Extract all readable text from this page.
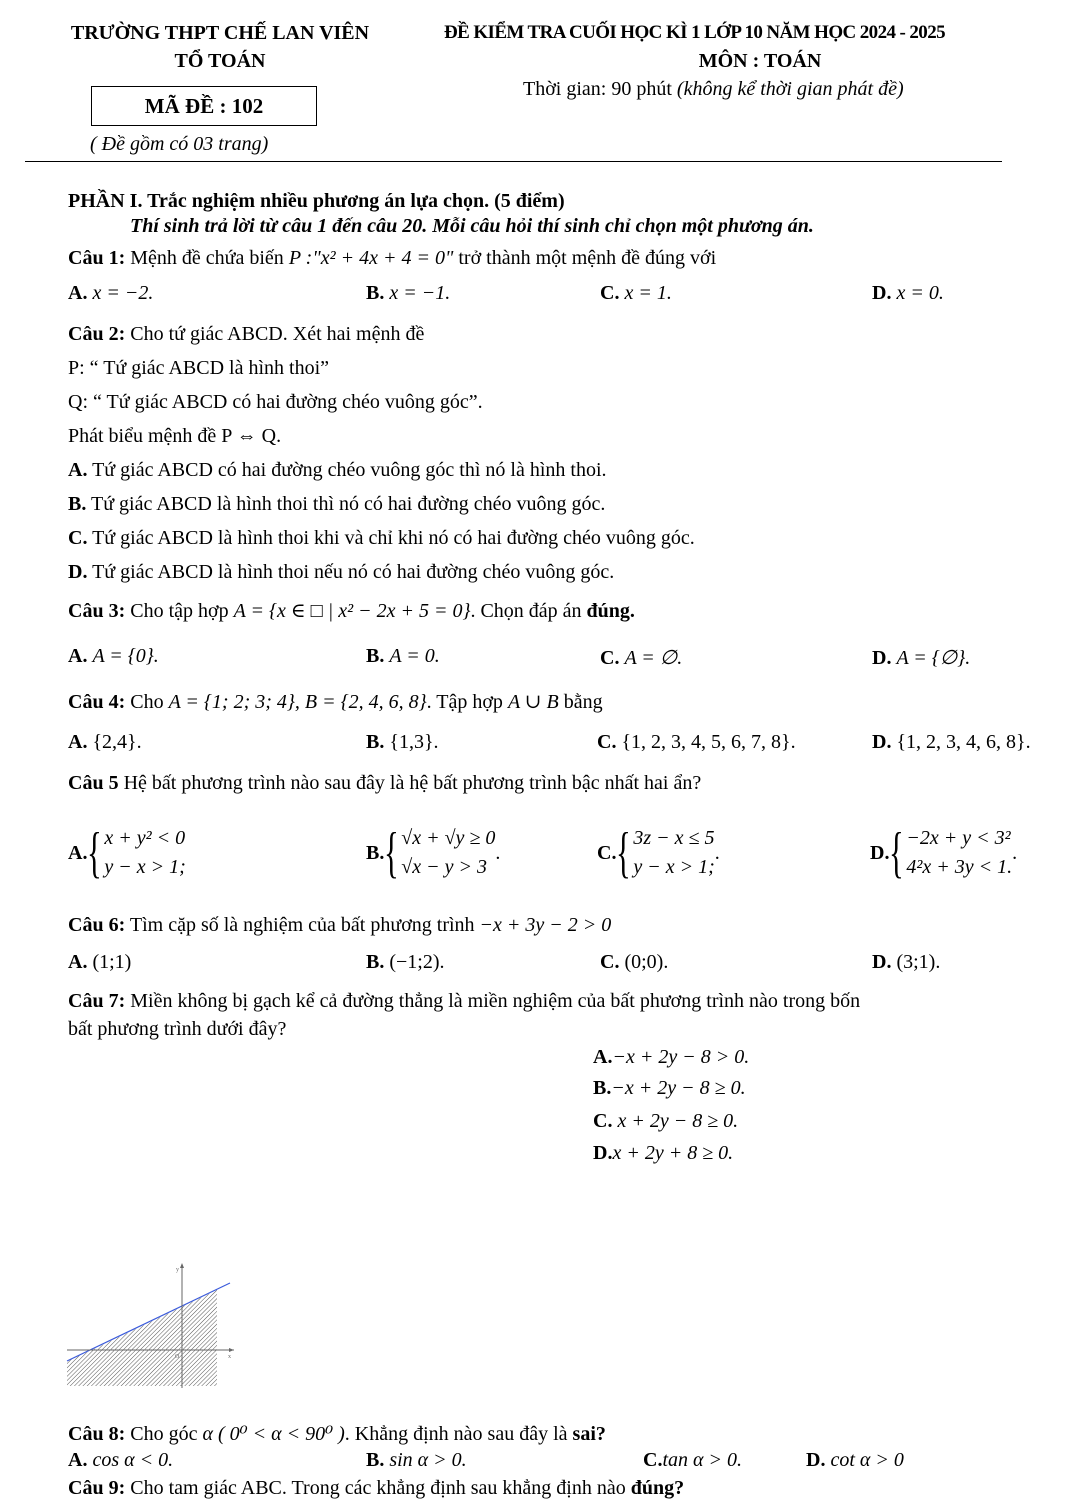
TRƯỜNG THPT CHẾ LAN VIÊN
TỔ TOÁN
ĐỀ KIỂM TRA CUỐI HỌC KÌ 1 LỚP 10 NĂM HỌC 2024 - 2025
MÔN : TOÁN
Thời gian: 90 phút (không kể thời gian phát đề)
MÃ ĐỀ : 102
( Đề gồm có 03 trang)
PHẦN I. Trắc nghiệm nhiều phương án lựa chọn. (5 điểm)
Thí sinh trả lời từ câu 1 đến câu 20. Mỗi câu hỏi thí sinh chỉ chọn một phương án.
Câu 1: Mệnh đề chứa biến P :"x² + 4x + 4 = 0" trở thành một mệnh đề đúng với
A. x = −2.	B. x = −1.	C. x = 1.	D. x = 0.
Câu 2: Cho tứ giác ABCD. Xét hai mệnh đề
P: “ Tứ giác ABCD là hình thoi”
Q: “ Tứ giác ABCD có hai đường chéo vuông góc”.
Phát biểu mệnh đề P ⇔ Q.
A. Tứ giác ABCD có hai đường chéo vuông góc thì nó là hình thoi.
B. Tứ giác ABCD là hình thoi thì nó có hai đường chéo vuông góc.
C. Tứ giác ABCD là hình thoi khi và chỉ khi nó có hai đường chéo vuông góc.
D. Tứ giác ABCD là hình thoi nếu nó có hai đường chéo vuông góc.
Câu 3: Cho tập hợp A = {x ∈ □ | x² − 2x + 5 = 0}. Chọn đáp án đúng.
A. A = {0}.	B. A = 0.	C. A = ∅.	D. A = {∅}.
Câu 4: Cho A = {1; 2; 3; 4}, B = {2, 4, 6, 8}. Tập hợp A ∪ B bằng
A. {2,4}.	B. {1,3}.	C. {1, 2, 3, 4, 5, 6, 7, 8}.	D. {1, 2, 3, 4, 6, 8}.
Câu 5 Hệ bất phương trình nào sau đây là hệ bất phương trình bậc nhất hai ẩn?
A. { x + y² < 0
y − x > 1;
B. { √x + √y ≥ 0
√x − y > 3
.	C. { 3z − x ≤ 5
y − x > 1;
.	D. { −2x + y < 3²
4²x + 3y < 1.
.
Câu 6: Tìm cặp số là nghiệm của bất phương trình −x + 3y − 2 > 0
A. (1;1)	B. (−1;2).	C. (0;0).	D. (3;1).
Câu 7: Miền không bị gạch kể cả đường thẳng là miền nghiệm của bất phương trình nào trong bốn
bất phương trình dưới đây?
A.−x + 2y − 8 > 0.
B.−x + 2y − 8 ≥ 0.
C. x + 2y − 8 ≥ 0.
D.x + 2y + 8 ≥ 0.
y
x
O
Câu 8: Cho góc α ( 0⁰ < α < 90⁰ ). Khẳng định nào sau đây là sai?
A. cos α < 0.	B. sin α > 0.	C.tan α > 0.	D. cot α > 0
Câu 9: Cho tam giác ABC. Trong các khẳng định sau khẳng định nào đúng?
